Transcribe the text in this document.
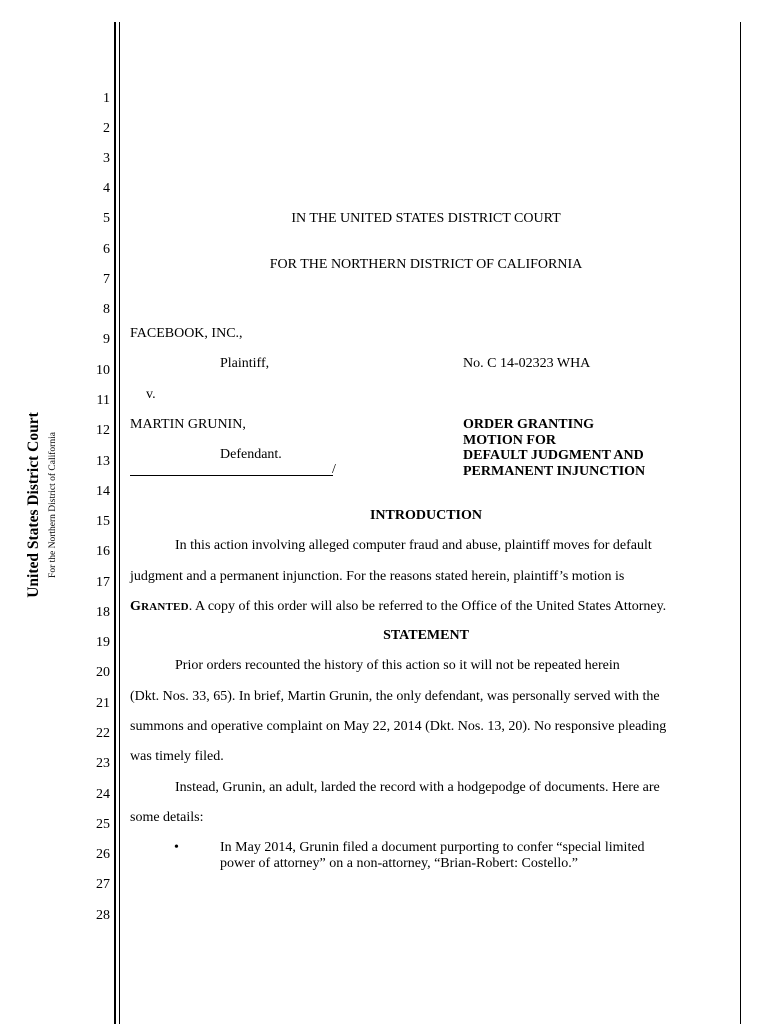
United States District Court For the Northern District of California
1
2
3
4
5
6
7
8
9
10
11
12
13
14
15
16
17
18
19
20
21
22
23
24
25
26
27
28
IN THE UNITED STATES DISTRICT COURT
FOR THE NORTHERN DISTRICT OF CALIFORNIA
FACEBOOK, INC.,
Plaintiff,	No. C 14-02323 WHA
v.
MARTIN GRUNIN,	ORDER GRANTING
MOTION FOR
DEFAULT JUDGMENT AND
PERMANENT INJUNCTION
Defendant.
/
INTRODUCTION
In this action involving alleged computer fraud and abuse, plaintiff moves for default
judgment and a permanent injunction. For the reasons stated herein, plaintiff’s motion is
GRANTED. A copy of this order will also be referred to the Office of the United States Attorney.
STATEMENT
Prior orders recounted the history of this action so it will not be repeated herein
(Dkt. Nos. 33, 65). In brief, Martin Grunin, the only defendant, was personally served with the
summons and operative complaint on May 22, 2014 (Dkt. Nos. 13, 20). No responsive pleading
was timely filed.
Instead, Grunin, an adult, larded the record with a hodgepodge of documents. Here are
some details:
•	In May 2014, Grunin filed a document purporting to confer “special limited
power of attorney” on a non-attorney, “Brian-Robert: Costello.”
